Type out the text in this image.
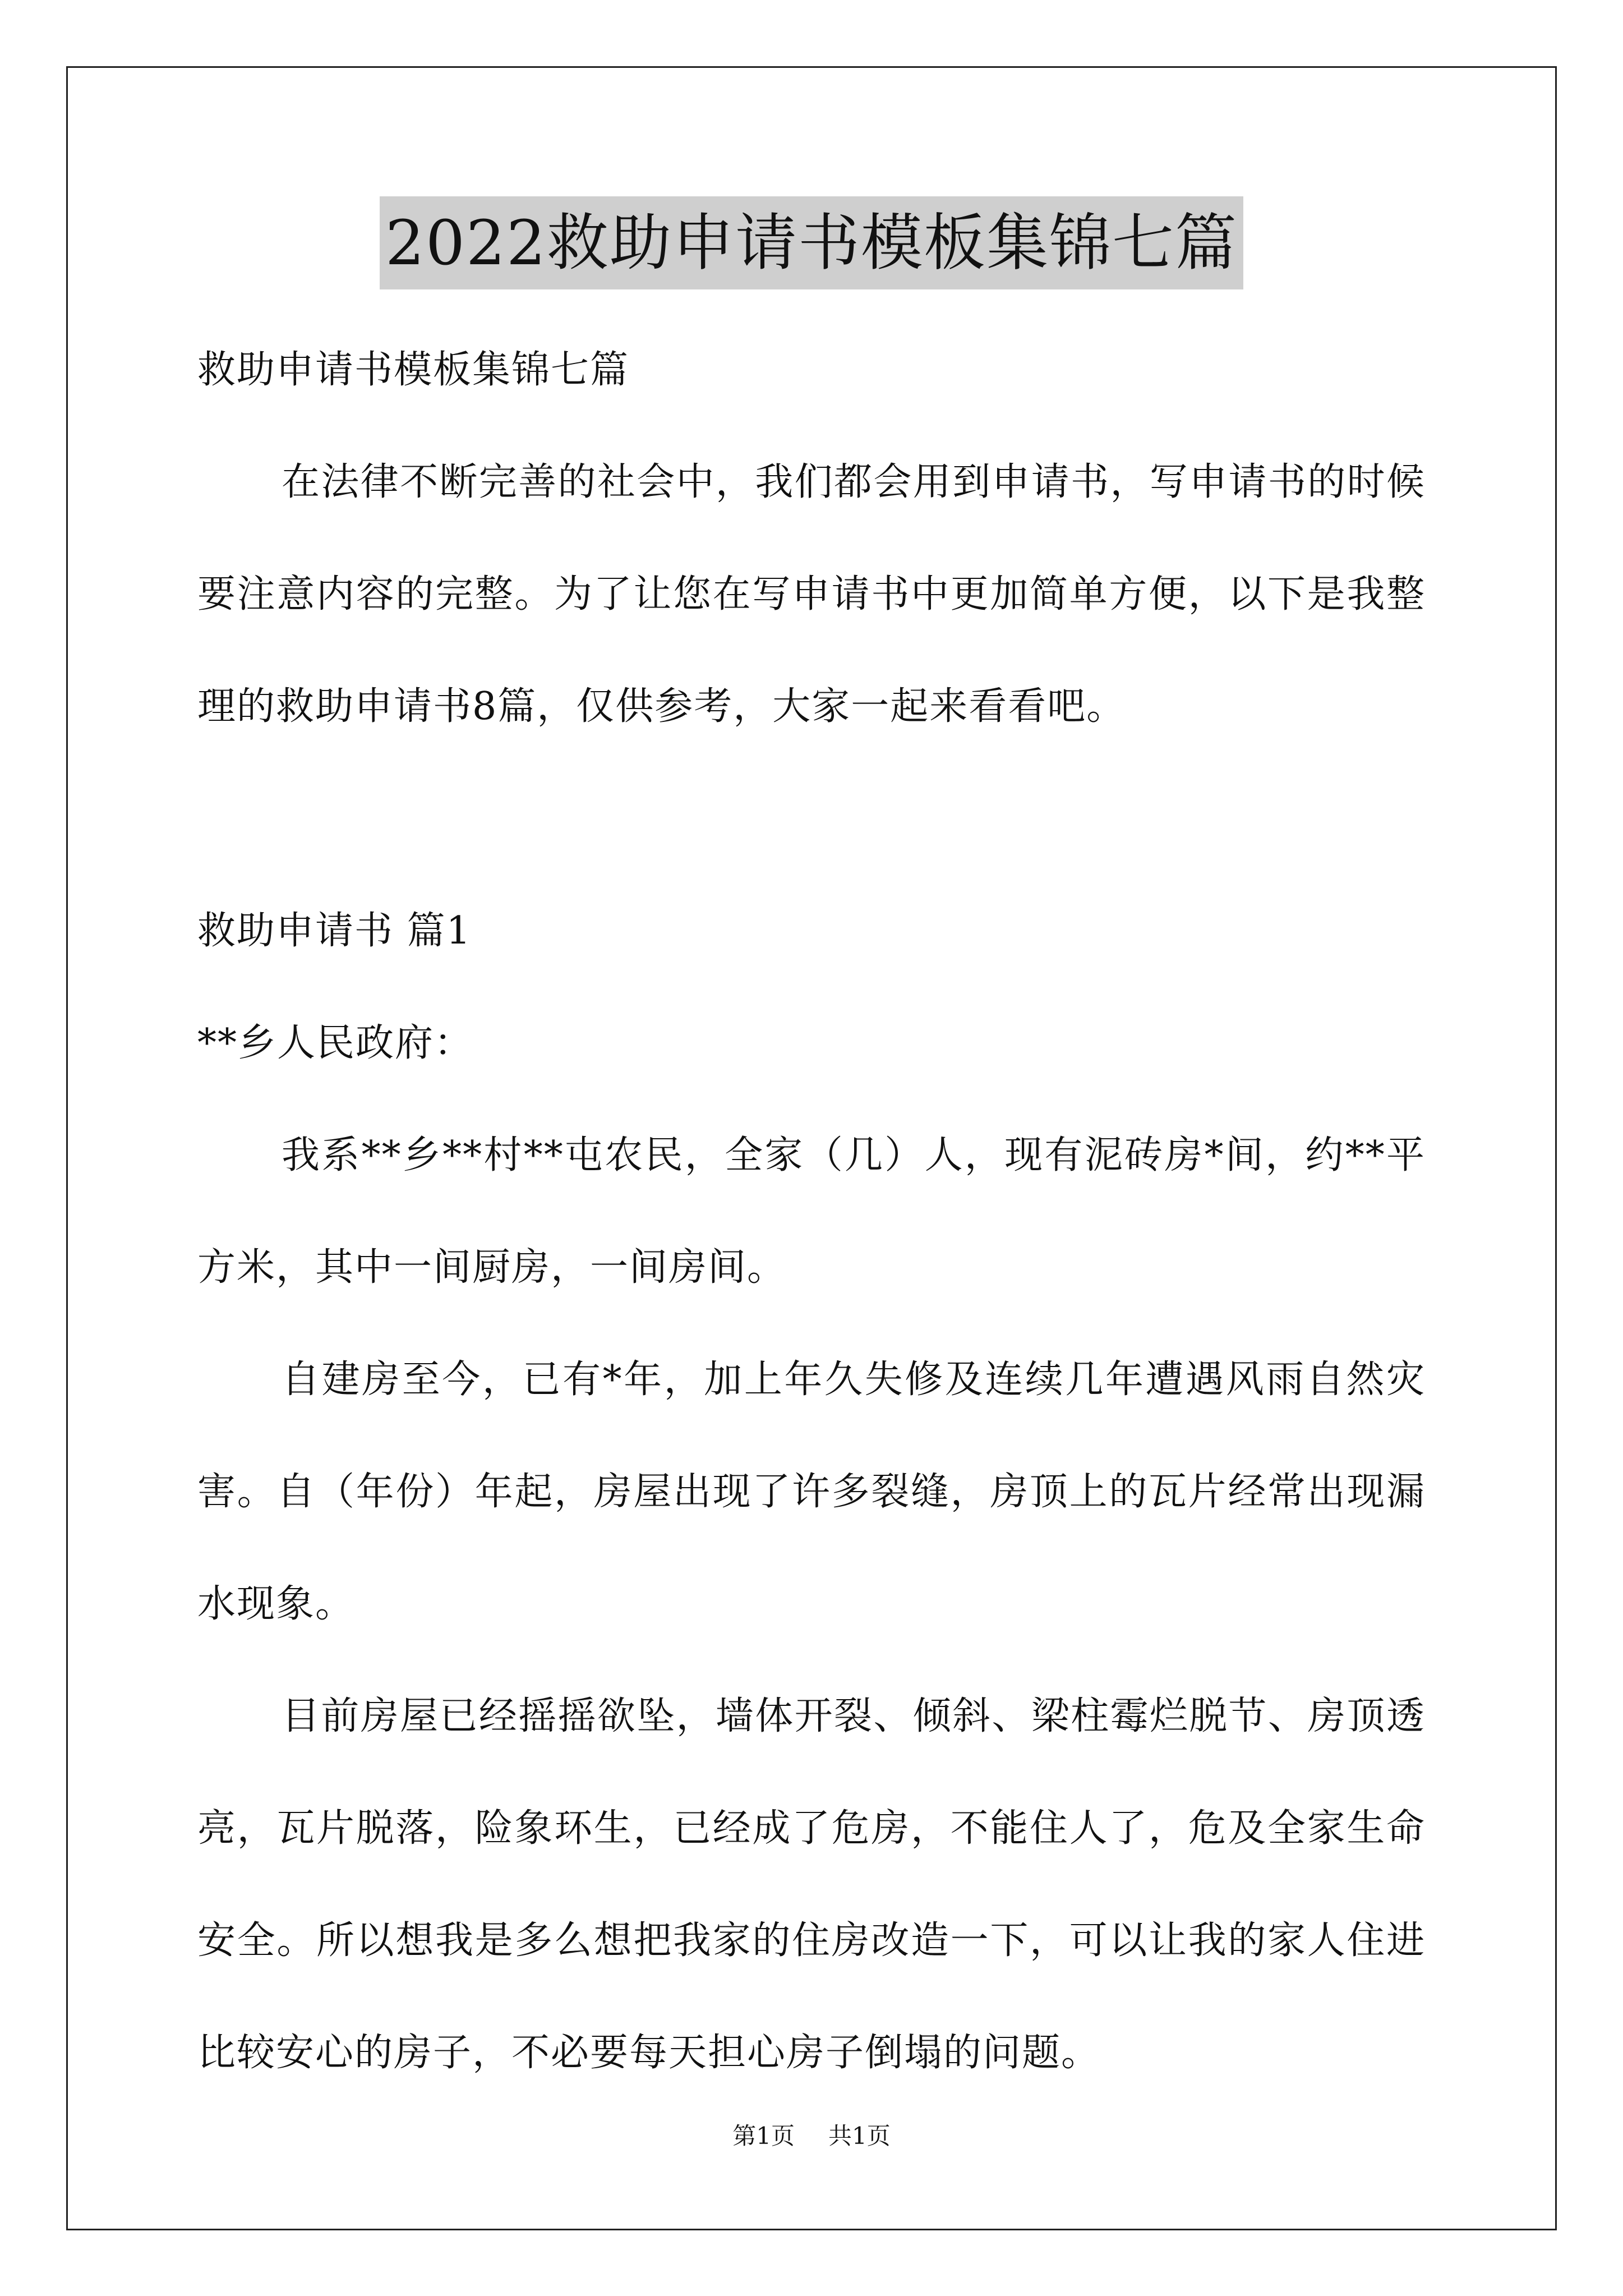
2022救助申请书模板集锦七篇

救助申请书模板集锦七篇

在法律不断完善的社会中，我们都会用到申请书，写申请书的时候要注意内容的完整。为了让您在写申请书中更加简单方便，以下是我整理的救助申请书8篇，仅供参考，大家一起来看看吧。

救助申请书 篇1

**乡人民政府：

我系**乡**村**屯农民，全家（几）人，现有泥砖房*间，约**平方米，其中一间厨房，一间房间。

自建房至今，已有*年，加上年久失修及连续几年遭遇风雨自然灾害。自（年份）年起，房屋出现了许多裂缝，房顶上的瓦片经常出现漏水现象。

目前房屋已经摇摇欲坠，墙体开裂、倾斜、梁柱霉烂脱节、房顶透亮，瓦片脱落，险象环生，已经成了危房，不能住人了，危及全家生命安全。所以想我是多么想把我家的住房改造一下，可以让我的家人住进比较安心的房子，不必要每天担心房子倒塌的问题。

第1页 共1页
